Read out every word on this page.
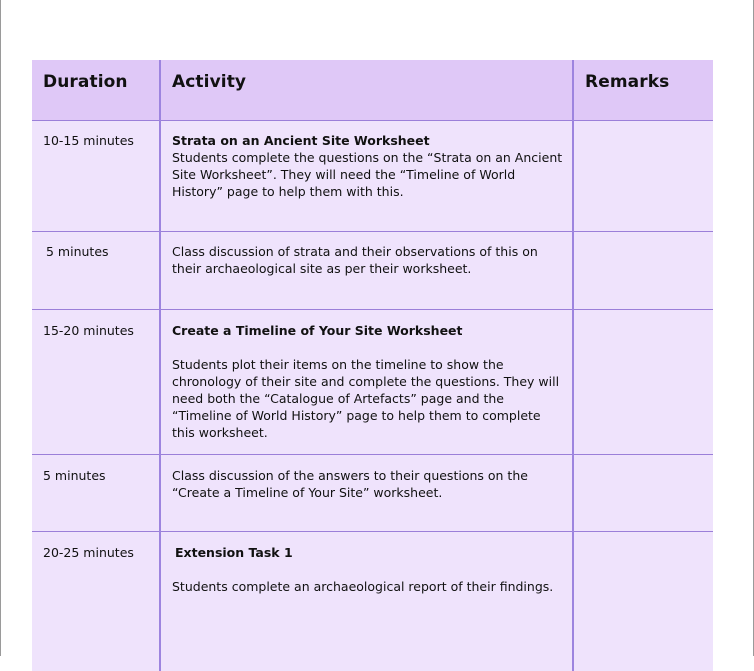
Duration	Activity	Remarks
10-15 minutes	Strata on an Ancient Site Worksheet
Students complete the questions on the “Strata on an Ancient Site Worksheet”. They will need the “Timeline of World History” page to help them with this.	

5 minutes	Class discussion of strata and their observations of this on their archaeological site as per their worksheet.	

15-20 minutes	Create a Timeline of Your Site Worksheet
Students plot their items on the timeline to show the chronology of their site and complete the questions. They will need both the “Catalogue of Artefacts” page and the “Timeline of World History” page to help them to complete this worksheet.	

5 minutes	Class discussion of the answers to their questions on the “Create a Timeline of Your Site” worksheet.	

20-25 minutes	Extension Task 1
Students complete an archaeological report of their findings.	
